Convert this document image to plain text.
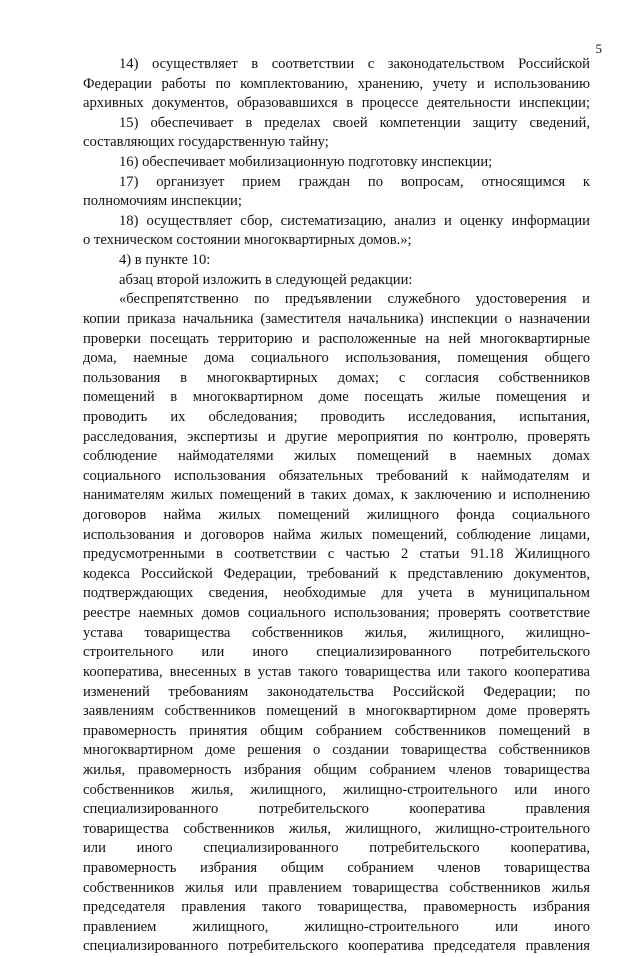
5
14) осуществляет в соответствии с законодательством Российской
Федерации работы по комплектованию, хранению, учету и использованию
архивных документов, образовавшихся в процессе деятельности инспекции;
15) обеспечивает в пределах своей компетенции защиту сведений,
составляющих государственную тайну;
16) обеспечивает мобилизационную подготовку инспекции;
17) организует прием граждан по вопросам, относящимся к
полномочиям инспекции;
18) осуществляет сбор, систематизацию, анализ и оценку информации
о техническом состоянии многоквартирных домов.»;
4) в пункте 10:
абзац второй изложить в следующей редакции:
«беспрепятственно по предъявлении служебного удостоверения и
копии приказа начальника (заместителя начальника) инспекции о назначении
проверки посещать территорию и расположенные на ней многоквартирные
дома, наемные дома социального использования, помещения общего
пользования в многоквартирных домах; с согласия собственников
помещений в многоквартирном доме посещать жилые помещения и
проводить их обследования; проводить исследования, испытания,
расследования, экспертизы и другие мероприятия по контролю, проверять
соблюдение наймодателями жилых помещений в наемных домах
социального использования обязательных требований к наймодателям и
нанимателям жилых помещений в таких домах, к заключению и исполнению
договоров найма жилых помещений жилищного фонда социального
использования и договоров найма жилых помещений, соблюдение лицами,
предусмотренными в соответствии с частью 2 статьи 91.18 Жилищного
кодекса Российской Федерации, требований к представлению документов,
подтверждающих сведения, необходимые для учета в муниципальном
реестре наемных домов социального использования; проверять соответствие
устава товарищества собственников жилья, жилищного, жилищно-
строительного или иного специализированного потребительского
кооператива, внесенных в устав такого товарищества или такого кооператива
изменений требованиям законодательства Российской Федерации; по
заявлениям собственников помещений в многоквартирном доме проверять
правомерность принятия общим собранием собственников помещений в
многоквартирном доме решения о создании товарищества собственников
жилья, правомерность избрания общим собранием членов товарищества
собственников жилья, жилищного, жилищно-строительного или иного
специализированного потребительского кооператива правления
товарищества собственников жилья, жилищного, жилищно-строительного
или иного специализированного потребительского кооператива,
правомерность избрания общим собранием членов товарищества
собственников жилья или правлением товарищества собственников жилья
председателя правления такого товарищества, правомерность избрания
правлением жилищного, жилищно-строительного или иного
специализированного потребительского кооператива председателя правления
